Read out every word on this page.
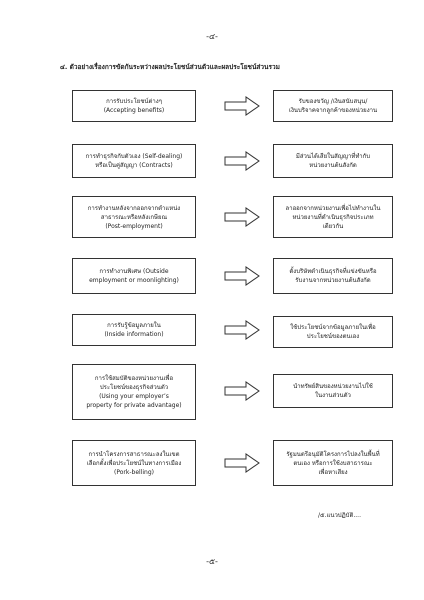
-๔-
๔. ตัวอย่างเรื่องการขัดกันระหว่างผลประโยชน์ส่วนตัวและผลประโยชน์ส่วนรวม
การรับประโยชน์ต่างๆ
(Accepting benefits)
รับของขวัญ /เงินสนับสนุน/
เงินบริจาคจากลูกค้าของหน่วยงาน
การทำธุรกิจกับตัวเอง (Self-dealing)
หรือเป็นคู่สัญญา (Contracts)
มีส่วนได้เสียในสัญญาที่ทำกับ
หน่วยงานต้นสังกัด
การทำงานหลังจากออกจากตำแหน่ง
สาธารณะหรือหลังเกษียณ
(Post-employment)
ลาออกจากหน่วยงานเพื่อไปทำงานใน
หน่วยงานที่ดำเนินธุรกิจประเภท
เดียวกัน
การทำงานพิเศษ (Outside
employment or moonlighting)
ตั้งบริษัทดำเนินธุรกิจที่แข่งขันหรือ
รับงานจากหน่วยงานต้นสังกัด
การรับรู้ข้อมูลภายใน
(Inside information)
ใช้ประโยชน์จากข้อมูลภายในเพื่อ
ประโยชน์ของตนเอง
การใช้สมบัติของหน่วยงานเพื่อ
ประโยชน์ของธุรกิจส่วนตัว
(Using your employer’s
property for private advantage)
นำทรัพย์สินของหน่วยงานไปใช้
ในงานส่วนตัว
การนำโครงการสาธารณะลงในเขต
เลือกตั้งเพื่อประโยชน์ในทางการเมือง
(Pork-belling)
รัฐมนตรีอนุมัติโครงการไปลงในพื้นที่
ตนเอง หรือการใช้งบสาธารณะ
เพื่อหาเสียง
/๕.แนวปฏิบัติ....
-๕-
